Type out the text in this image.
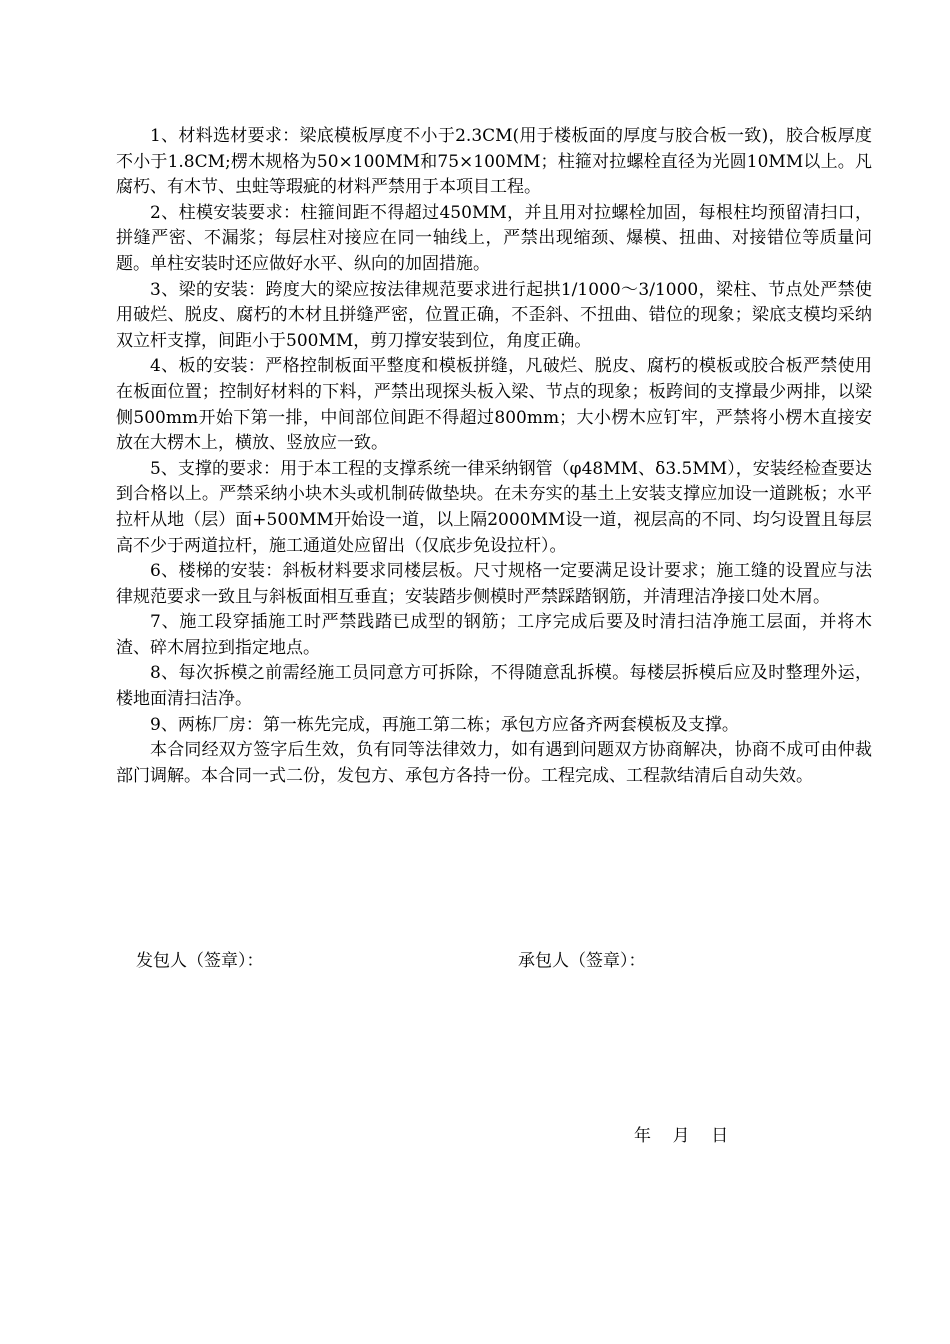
1、材料选材要求：梁底模板厚度不小于2.3CM(用于楼板面的厚度与胶合板一致)，胶合板厚度不小于1.8CM;楞木规格为50×100MM和75×100MM；柱箍对拉螺栓直径为光圆10MM以上。凡腐朽、有木节、虫蛀等瑕疵的材料严禁用于本项目工程。

2、柱模安装要求：柱箍间距不得超过450MM，并且用对拉螺栓加固，每根柱均预留清扫口，拼缝严密、不漏浆；每层柱对接应在同一轴线上，严禁出现缩颈、爆模、扭曲、对接错位等质量问题。单柱安装时还应做好水平、纵向的加固措施。

3、梁的安装：跨度大的梁应按法律规范要求进行起拱1/1000～3/1000，梁柱、节点处严禁使用破烂、脱皮、腐朽的木材且拼缝严密，位置正确，不歪斜、不扭曲、错位的现象；梁底支模均采纳双立杆支撑，间距小于500MM，剪刀撑安装到位，角度正确。

4、板的安装：严格控制板面平整度和模板拼缝，凡破烂、脱皮、腐朽的模板或胶合板严禁使用在板面位置；控制好材料的下料，严禁出现探头板入梁、节点的现象；板跨间的支撑最少两排，以梁侧500mm开始下第一排，中间部位间距不得超过800mm；大小楞木应钉牢，严禁将小楞木直接安放在大楞木上，横放、竖放应一致。

5、支撑的要求：用于本工程的支撑系统一律采纳钢管（φ48MM、δ3.5MM），安装经检查要达到合格以上。严禁采纳小块木头或机制砖做垫块。在未夯实的基土上安装支撑应加设一道跳板；水平拉杆从地（层）面+500MM开始设一道，以上隔2000MM设一道，视层高的不同、均匀设置且每层高不少于两道拉杆，施工通道处应留出（仅底步免设拉杆）。

6、楼梯的安装：斜板材料要求同楼层板。尺寸规格一定要满足设计要求；施工缝的设置应与法律规范要求一致且与斜板面相互垂直；安装踏步侧模时严禁踩踏钢筋，并清理洁净接口处木屑。

7、施工段穿插施工时严禁践踏已成型的钢筋；工序完成后要及时清扫洁净施工层面，并将木渣、碎木屑拉到指定地点。

8、每次拆模之前需经施工员同意方可拆除，不得随意乱拆模。每楼层拆模后应及时整理外运，楼地面清扫洁净。

9、两栋厂房：第一栋先完成，再施工第二栋；承包方应备齐两套模板及支撑。

本合同经双方签字后生效，负有同等法律效力，如有遇到问题双方协商解决，协商不成可由仲裁部门调解。本合同一式二份，发包方、承包方各持一份。工程完成、工程款结清后自动失效。

发包人（签章）：	承包人（签章）：
年    月    日
